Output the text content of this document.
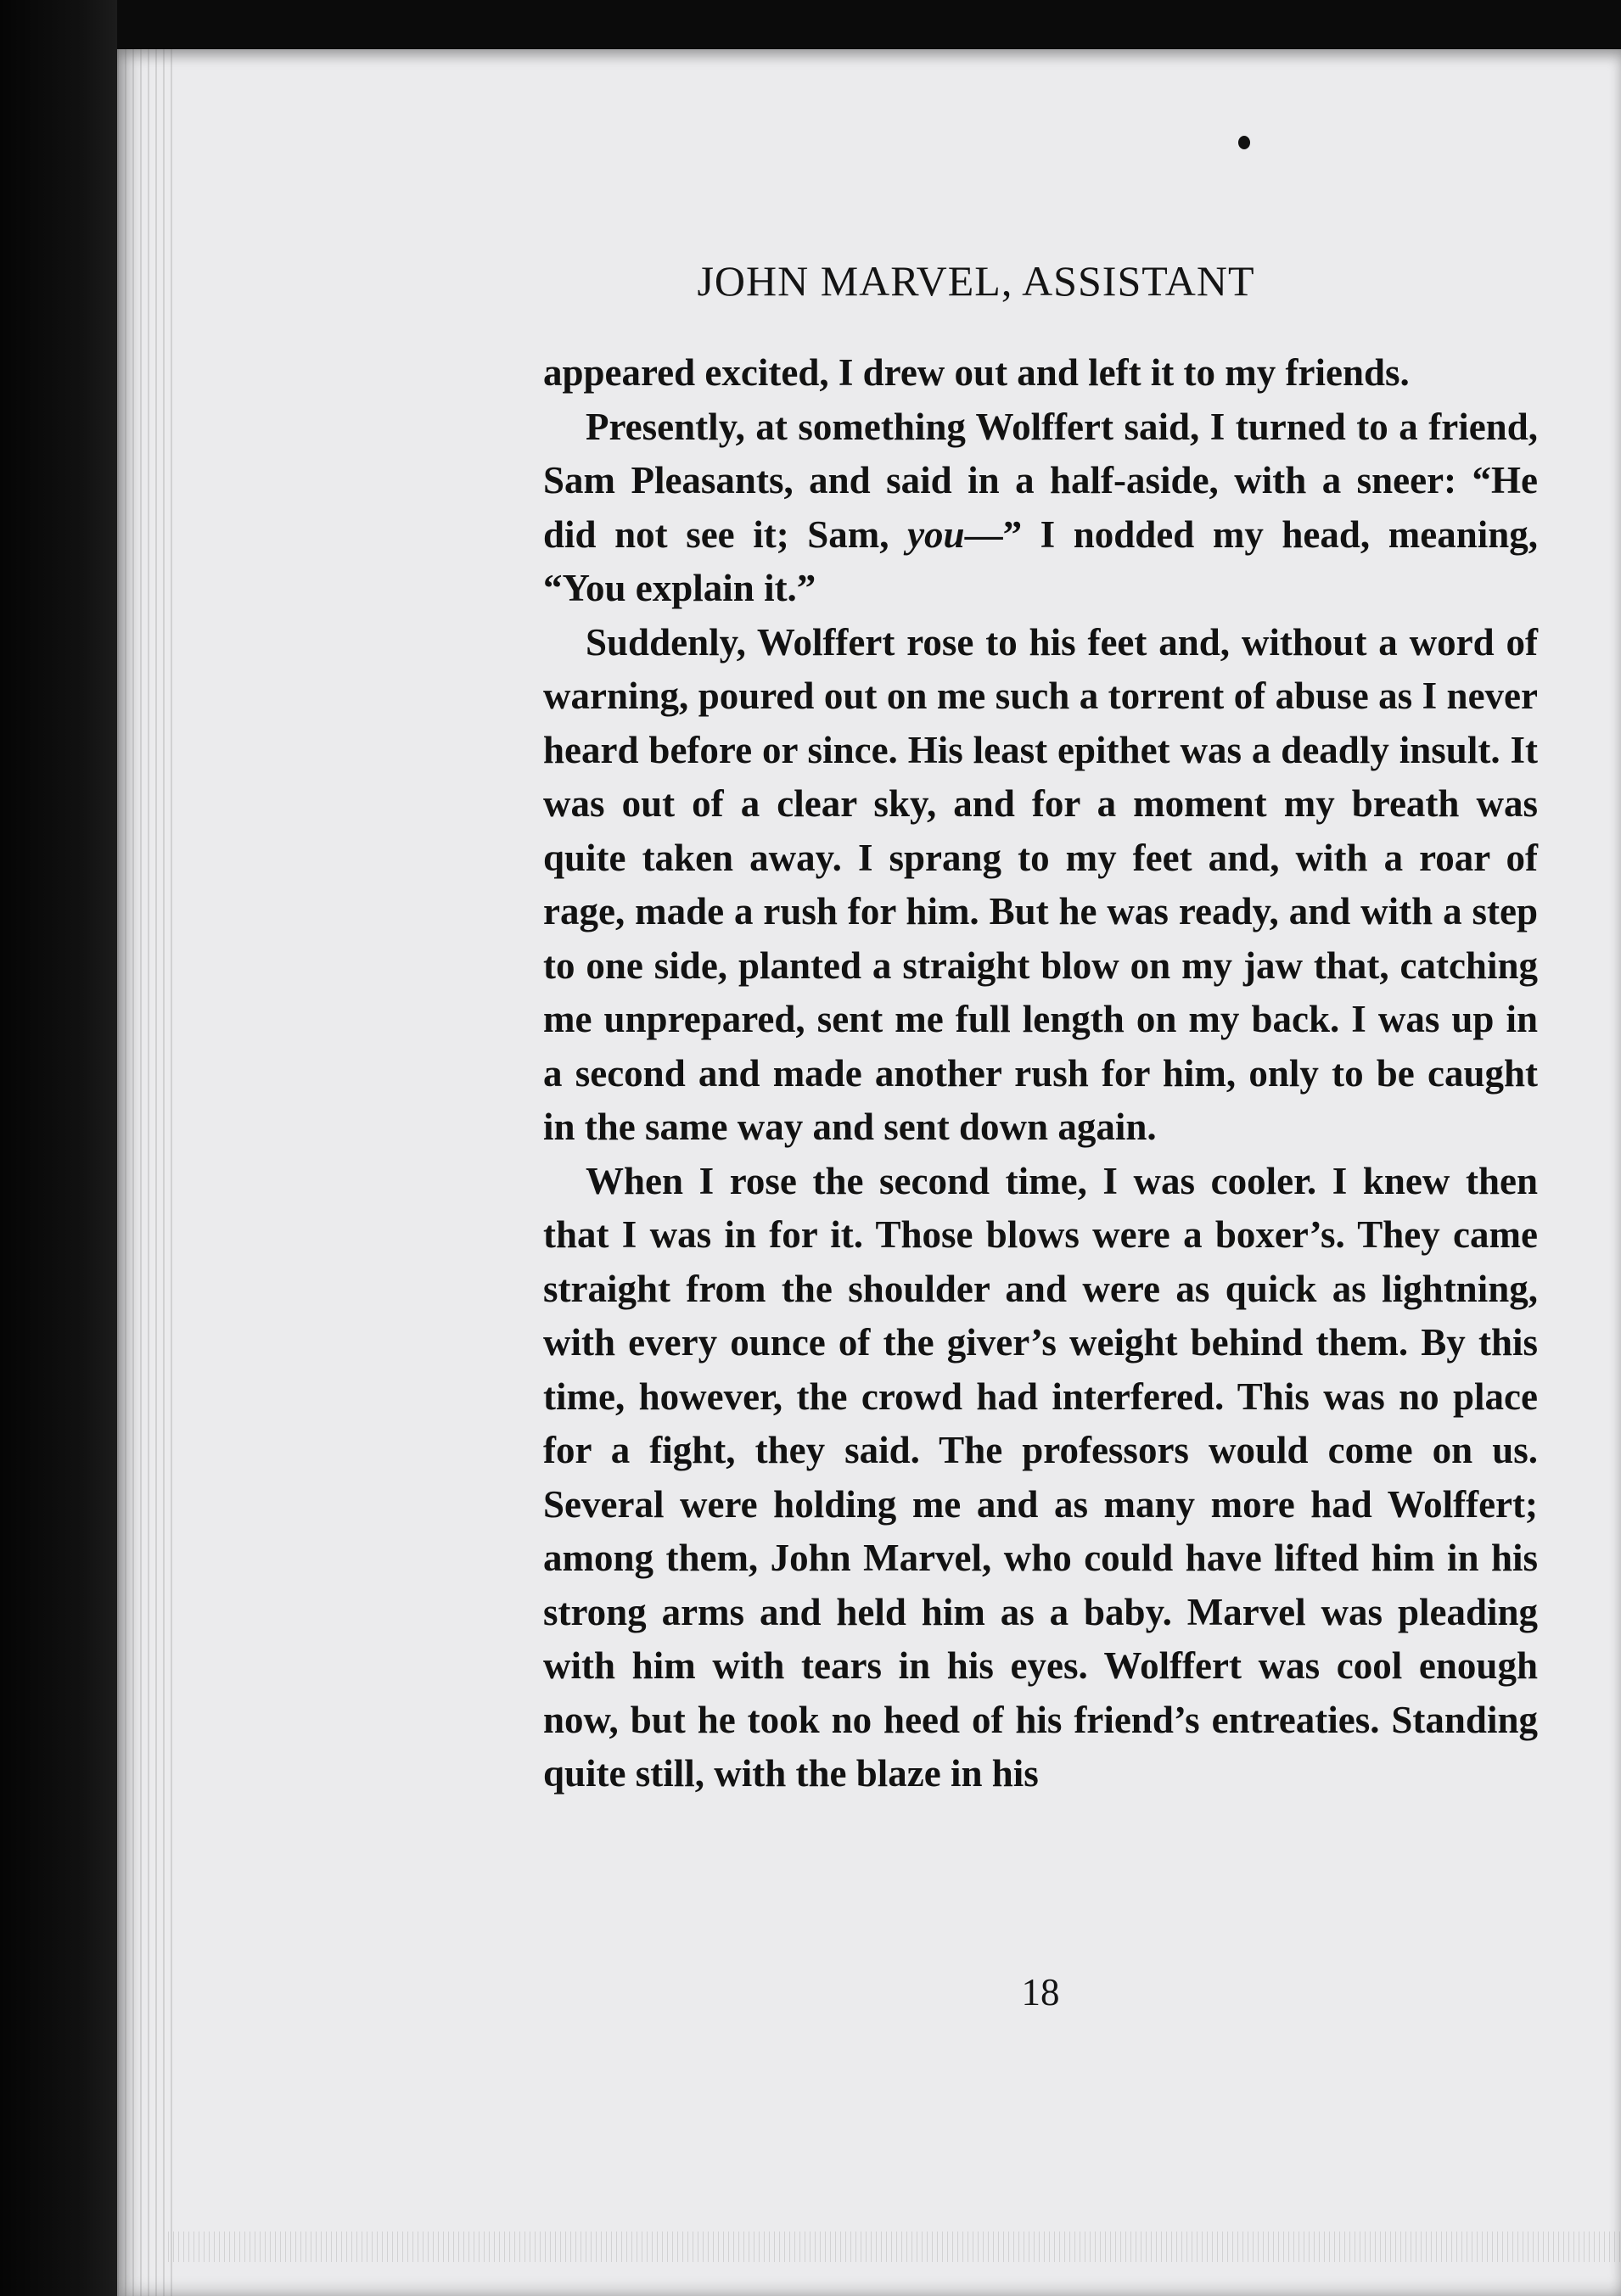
JOHN MARVEL, ASSISTANT

appeared excited, I drew out and left it to my friends.

Presently, at something Wolffert said, I turned to a friend, Sam Pleasants, and said in a half-aside, with a sneer: “He did not see it; Sam, you—” I nodded my head, meaning, “You explain it.”

Suddenly, Wolffert rose to his feet and, without a word of warning, poured out on me such a torrent of abuse as I never heard before or since. His least epithet was a deadly insult. It was out of a clear sky, and for a moment my breath was quite taken away. I sprang to my feet and, with a roar of rage, made a rush for him. But he was ready, and with a step to one side, planted a straight blow on my jaw that, catching me unprepared, sent me full length on my back. I was up in a second and made another rush for him, only to be caught in the same way and sent down again.

When I rose the second time, I was cooler. I knew then that I was in for it. Those blows were a boxer’s. They came straight from the shoulder and were as quick as lightning, with every ounce of the giver’s weight behind them. By this time, however, the crowd had interfered. This was no place for a fight, they said. The professors would come on us. Several were holding me and as many more had Wolffert; among them, John Marvel, who could have lifted him in his strong arms and held him as a baby. Marvel was pleading with him with tears in his eyes. Wolffert was cool enough now, but he took no heed of his friend’s entreaties. Standing quite still, with the blaze in his

18
